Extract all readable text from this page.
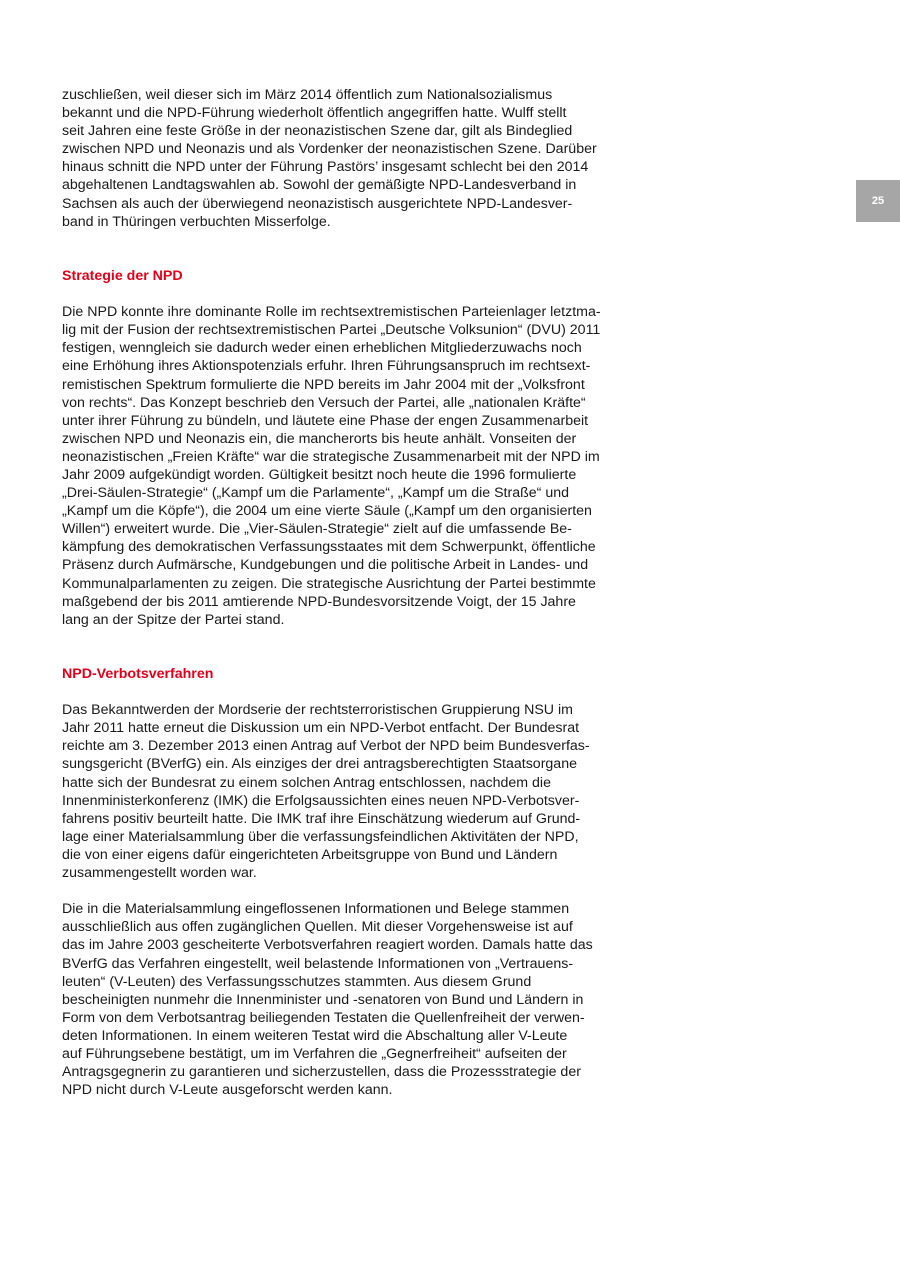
25

zuschließen, weil dieser sich im März 2014 öffentlich zum Nationalsozialismus
bekannt und die NPD-Führung wiederholt öffentlich angegriffen hatte. Wulff stellt
seit Jahren eine feste Größe in der neonazistischen Szene dar, gilt als Bindeglied
zwischen NPD und Neonazis und als Vordenker der neonazistischen Szene. Darüber
hinaus schnitt die NPD unter der Führung Pastörs’ insgesamt schlecht bei den 2014
abgehaltenen Landtagswahlen ab. Sowohl der gemäßigte NPD-Landesverband in
Sachsen als auch der überwiegend neonazistisch ausgerichtete NPD-Landesver-
band in Thüringen verbuchten Misserfolge.

Strategie der NPD

Die NPD konnte ihre dominante Rolle im rechtsextremistischen Parteienlager letztma-
lig mit der Fusion der rechtsextremistischen Partei „Deutsche Volksunion“ (DVU) 2011
festigen, wenngleich sie dadurch weder einen erheblichen Mitgliederzuwachs noch
eine Erhöhung ihres Aktionspotenzials erfuhr. Ihren Führungsanspruch im rechtsext-
remistischen Spektrum formulierte die NPD bereits im Jahr 2004 mit der „Volksfront
von rechts“. Das Konzept beschrieb den Versuch der Partei, alle „nationalen Kräfte“
unter ihrer Führung zu bündeln, und läutete eine Phase der engen Zusammenarbeit
zwischen NPD und Neonazis ein, die mancherorts bis heute anhält. Vonseiten der
neonazistischen „Freien Kräfte“ war die strategische Zusammenarbeit mit der NPD im
Jahr 2009 aufgekündigt worden. Gültigkeit besitzt noch heute die 1996 formulierte
„Drei-Säulen-Strategie“ („Kampf um die Parlamente“, „Kampf um die Straße“ und
„Kampf um die Köpfe“), die 2004 um eine vierte Säule („Kampf um den organisierten
Willen“) erweitert wurde. Die „Vier-Säulen-Strategie“ zielt auf die umfassende Be-
kämpfung des demokratischen Verfassungsstaates mit dem Schwerpunkt, öffentliche
Präsenz durch Aufmärsche, Kundgebungen und die politische Arbeit in Landes- und
Kommunalparlamenten zu zeigen. Die strategische Ausrichtung der Partei bestimmte
maßgebend der bis 2011 amtierende NPD-Bundesvorsitzende Voigt, der 15 Jahre
lang an der Spitze der Partei stand.

NPD-Verbotsverfahren

Das Bekanntwerden der Mordserie der rechtsterroristischen Gruppierung NSU im
Jahr 2011 hatte erneut die Diskussion um ein NPD-Verbot entfacht. Der Bundesrat
reichte am 3. Dezember 2013 einen Antrag auf Verbot der NPD beim Bundesverfas-
sungsgericht (BVerfG) ein. Als einziges der drei antragsberechtigten Staatsorgane
hatte sich der Bundesrat zu einem solchen Antrag entschlossen, nachdem die
Innenministerkonferenz (IMK) die Erfolgsaussichten eines neuen NPD-Verbotsver-
fahrens positiv beurteilt hatte. Die IMK traf ihre Einschätzung wiederum auf Grund-
lage einer Materialsammlung über die verfassungsfeindlichen Aktivitäten der NPD,
die von einer eigens dafür eingerichteten Arbeitsgruppe von Bund und Ländern
zusammengestellt worden war.

Die in die Materialsammlung eingeflossenen Informationen und Belege stammen
ausschließlich aus offen zugänglichen Quellen. Mit dieser Vorgehensweise ist auf
das im Jahre 2003 gescheiterte Verbotsverfahren reagiert worden. Damals hatte das
BVerfG das Verfahren eingestellt, weil belastende Informationen von „Vertrauens-
leuten“ (V-Leuten) des Verfassungsschutzes stammten. Aus diesem Grund
bescheinigten nunmehr die Innenminister und -senatoren von Bund und Ländern in
Form von dem Verbotsantrag beiliegenden Testaten die Quellenfreiheit der verwen-
deten Informationen. In einem weiteren Testat wird die Abschaltung aller V-Leute
auf Führungsebene bestätigt, um im Verfahren die „Gegnerfreiheit“ aufseiten der
Antragsgegnerin zu garantieren und sicherzustellen, dass die Prozessstrategie der
NPD nicht durch V-Leute ausgeforscht werden kann.
